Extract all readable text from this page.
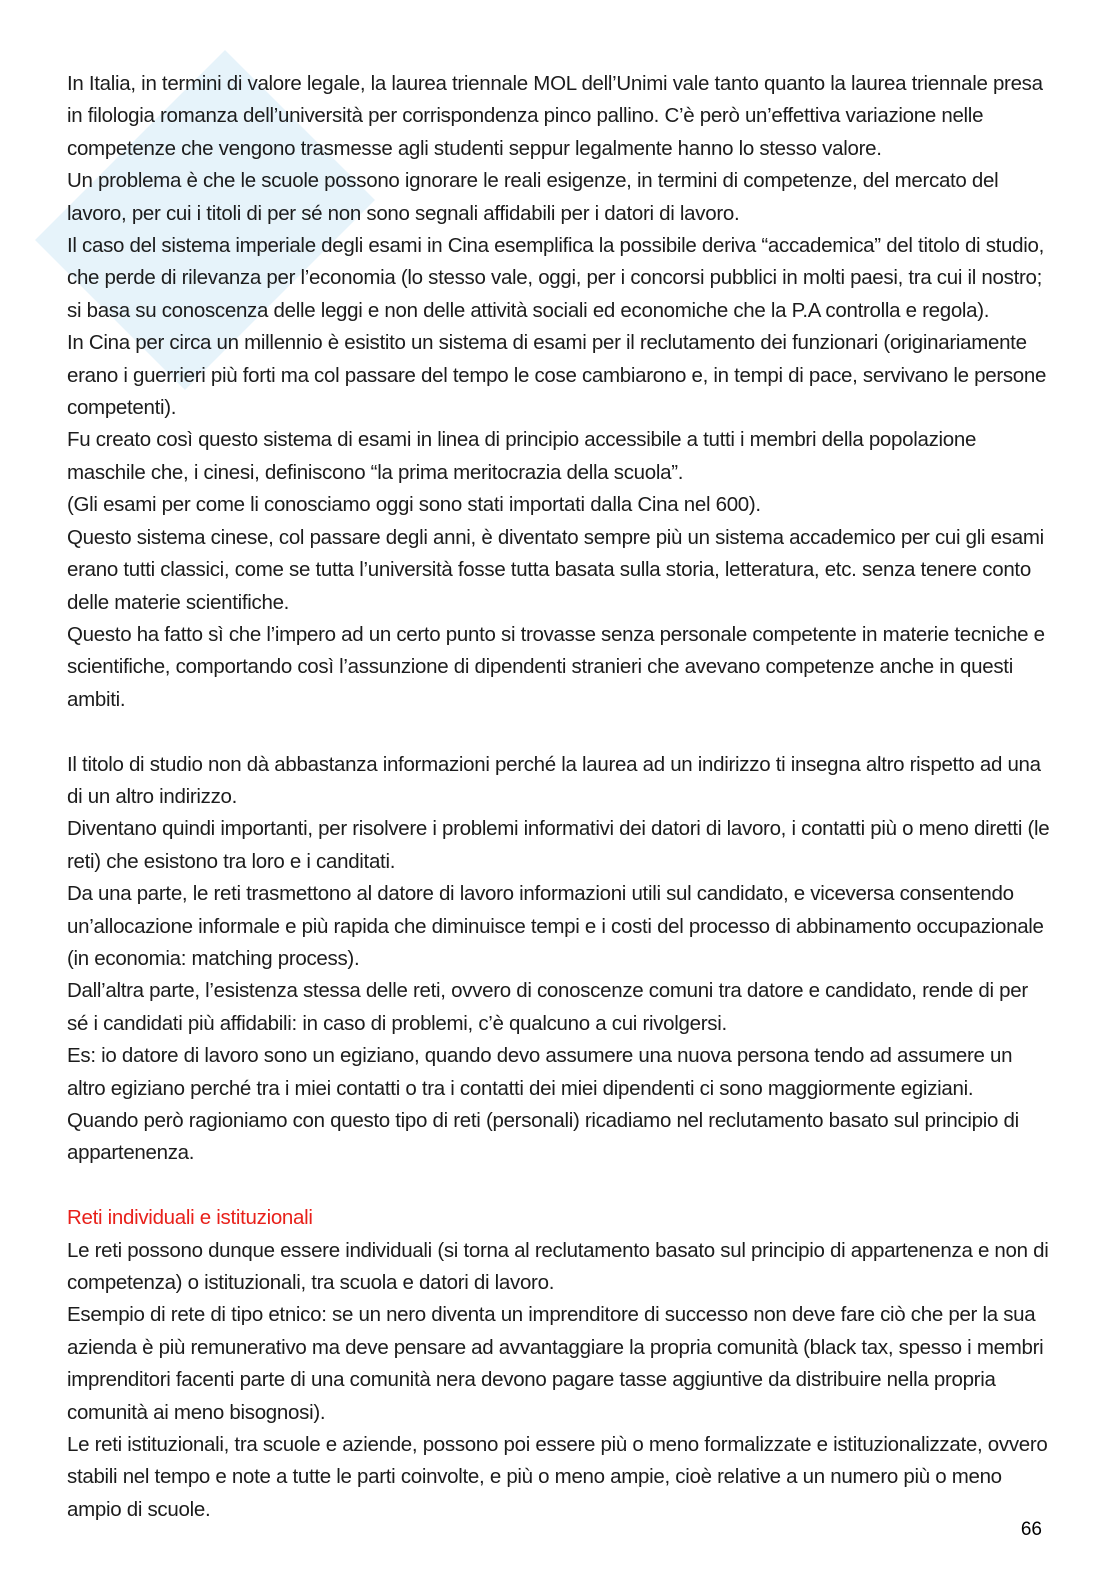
In Italia, in termini di valore legale, la laurea triennale MOL dell’Unimi vale tanto quanto la laurea triennale presa in filologia romanza dell’università per corrispondenza pinco pallino. C’è però un’effettiva variazione nelle competenze che vengono trasmesse agli studenti seppur legalmente hanno lo stesso valore.

Un problema è che le scuole possono ignorare le reali esigenze, in termini di competenze, del mercato del lavoro, per cui i titoli di per sé non sono segnali affidabili per i datori di lavoro.

Il caso del sistema imperiale degli esami in Cina esemplifica la possibile deriva “accademica” del titolo di studio, che perde di rilevanza per l’economia (lo stesso vale, oggi, per i concorsi pubblici in molti paesi, tra cui il nostro; si basa su conoscenza delle leggi e non delle attività sociali ed economiche che la P.A controlla e regola).

In Cina per circa un millennio è esistito un sistema di esami per il reclutamento dei funzionari (originariamente erano i guerrieri più forti ma col passare del tempo le cose cambiarono e, in tempi di pace, servivano le persone competenti).

Fu creato così questo sistema di esami in linea di principio accessibile a tutti i membri della popolazione maschile che, i cinesi, definiscono “la prima meritocrazia della scuola”.

(Gli esami per come li conosciamo oggi sono stati importati dalla Cina nel 600).

Questo sistema cinese, col passare degli anni, è diventato sempre più un sistema accademico per cui gli esami erano tutti classici, come se tutta l’università fosse tutta basata sulla storia, letteratura, etc. senza tenere conto delle materie scientifiche.

Questo ha fatto sì che l’impero ad un certo punto si trovasse senza personale competente in materie tecniche e scientifiche, comportando così l’assunzione di dipendenti stranieri che avevano competenze anche in questi ambiti.

Il titolo di studio non dà abbastanza informazioni perché la laurea ad un indirizzo ti insegna altro rispetto ad una di un altro indirizzo.

Diventano quindi importanti, per risolvere i problemi informativi dei datori di lavoro, i contatti più o meno diretti (le reti) che esistono tra loro e i canditati.

Da una parte, le reti trasmettono al datore di lavoro informazioni utili sul candidato, e viceversa consentendo un’allocazione informale e più rapida che diminuisce tempi e i costi del processo di abbinamento occupazionale (in economia: matching process).

Dall’altra parte, l’esistenza stessa delle reti, ovvero di conoscenze comuni tra datore e candidato, rende di per sé i candidati più affidabili: in caso di problemi, c’è qualcuno a cui rivolgersi.

Es: io datore di lavoro sono un egiziano, quando devo assumere una nuova persona tendo ad assumere un altro egiziano perché tra i miei contatti o tra i contatti dei miei dipendenti ci sono maggiormente egiziani.

Quando però ragioniamo con questo tipo di reti (personali) ricadiamo nel reclutamento basato sul principio di appartenenza.

Reti individuali e istituzionali

Le reti possono dunque essere individuali (si torna al reclutamento basato sul principio di appartenenza e non di competenza) o istituzionali, tra scuola e datori di lavoro.

Esempio di rete di tipo etnico: se un nero diventa un imprenditore di successo non deve fare ciò che per la sua azienda è più remunerativo ma deve pensare ad avvantaggiare la propria comunità (black tax, spesso i membri imprenditori facenti parte di una comunità nera devono pagare tasse aggiuntive da distribuire nella propria comunità ai meno bisognosi).

Le reti istituzionali, tra scuole e aziende, possono poi essere più o meno formalizzate e istituzionalizzate, ovvero stabili nel tempo e note a tutte le parti coinvolte, e più o meno ampie, cioè relative a un numero più o meno ampio di scuole.

66
